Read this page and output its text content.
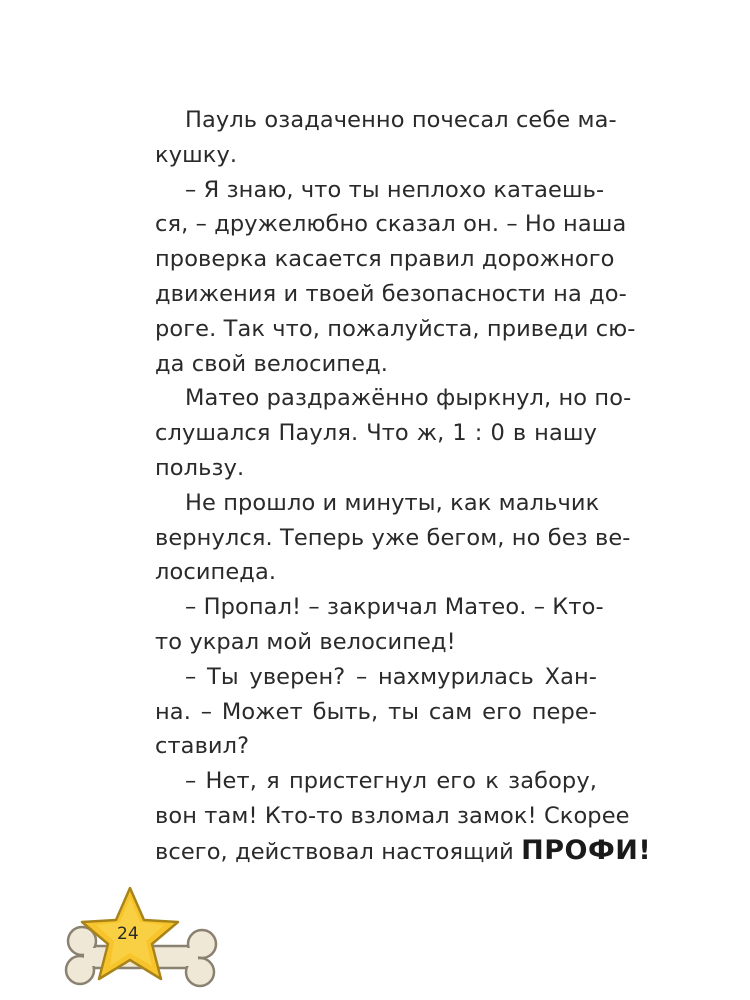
Пауль озадаченно почесал себе ма-
кушку.
– Я знаю, что ты неплохо катаешь-
ся, – дружелюбно сказал он. – Но наша
проверка касается правил дорожного
движения и твоей безопасности на до-
роге. Так что, пожалуйста, приведи сю-
да свой велосипед.
Матео раздражённо фыркнул, но по-
слушался Пауля. Что ж, 1 : 0 в нашу
пользу.
Не прошло и минуты, как мальчик
вернулся. Теперь уже бегом, но без ве-
лосипеда.
– Пропал! – закричал Матео. – Кто-
то украл мой велосипед!
– Ты уверен? – нахмурилась Хан-
на. – Может быть, ты сам его пере-
ставил?
– Нет, я пристегнул его к забору,
вон там! Кто-то взломал замок! Скорее
всего, действовал настоящий ПРОФИ!
24
